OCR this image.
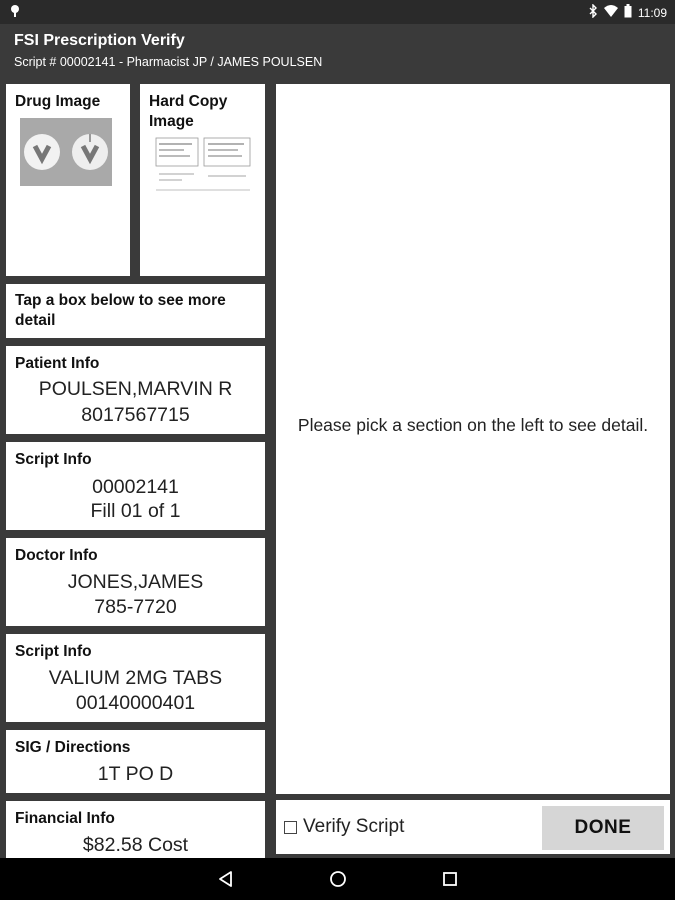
11:09
FSI Prescription Verify
Script # 00002141 - Pharmacist JP / JAMES POULSEN
Drug Image	Hard Copy Image
Tap a box below to see more detail
Patient Info
POULSEN,MARVIN R
8017567715
Script Info
00002141
Fill 01 of 1
Doctor Info
JONES,JAMES
785-7720
Script Info
VALIUM 2MG TABS
00140000401
SIG / Directions
1T PO D
Financial Info
$82.58 Cost
Please pick a section on the left to see detail.
Verify Script	DONE
